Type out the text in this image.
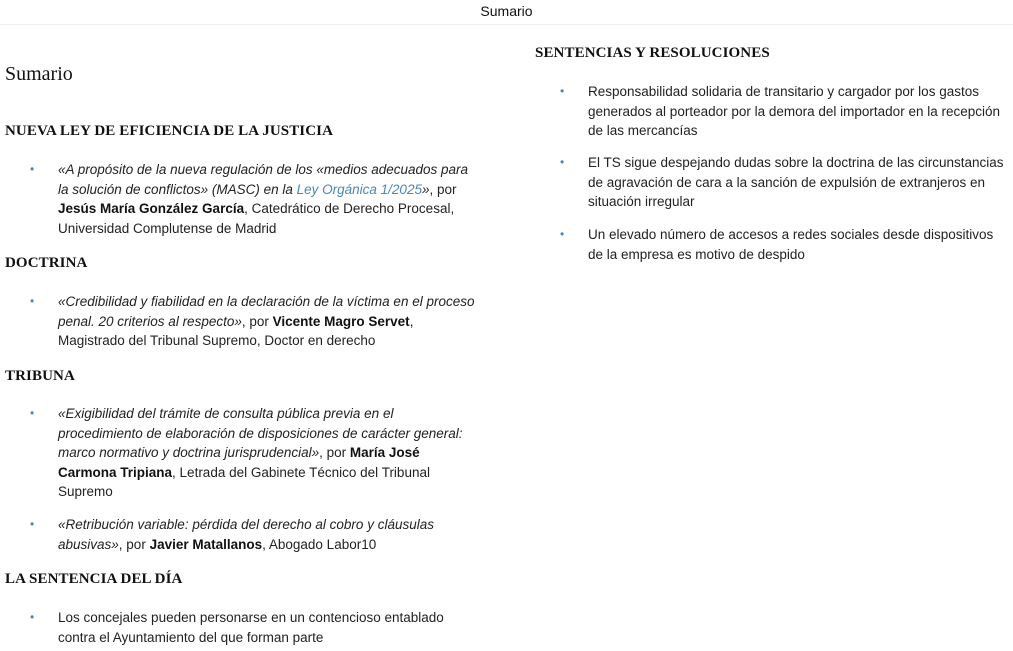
Sumario
Sumario
NUEVA LEY DE EFICIENCIA DE LA JUSTICIA
• «A propósito de la nueva regulación de los «medios adecuados para la solución de conflictos» (MASC) en la Ley Orgánica 1/2025», por Jesús María González García, Catedrático de Derecho Procesal, Universidad Complutense de Madrid
DOCTRINA
• «Credibilidad y fiabilidad en la declaración de la víctima en el proceso penal. 20 criterios al respecto», por Vicente Magro Servet, Magistrado del Tribunal Supremo, Doctor en derecho
TRIBUNA
• «Exigibilidad del trámite de consulta pública previa en el procedimiento de elaboración de disposiciones de carácter general: marco normativo y doctrina jurisprudencial», por María José Carmona Tripiana, Letrada del Gabinete Técnico del Tribunal Supremo
• «Retribución variable: pérdida del derecho al cobro y cláusulas abusivas», por Javier Matallanos, Abogado Labor10
LA SENTENCIA DEL DÍA
• Los concejales pueden personarse en un contencioso entablado contra el Ayuntamiento del que forman parte
SENTENCIAS Y RESOLUCIONES
• Responsabilidad solidaria de transitario y cargador por los gastos generados al porteador por la demora del importador en la recepción de las mercancías
• El TS sigue despejando dudas sobre la doctrina de las circunstancias de agravación de cara a la sanción de expulsión de extranjeros en situación irregular
• Un elevado número de accesos a redes sociales desde dispositivos de la empresa es motivo de despido
